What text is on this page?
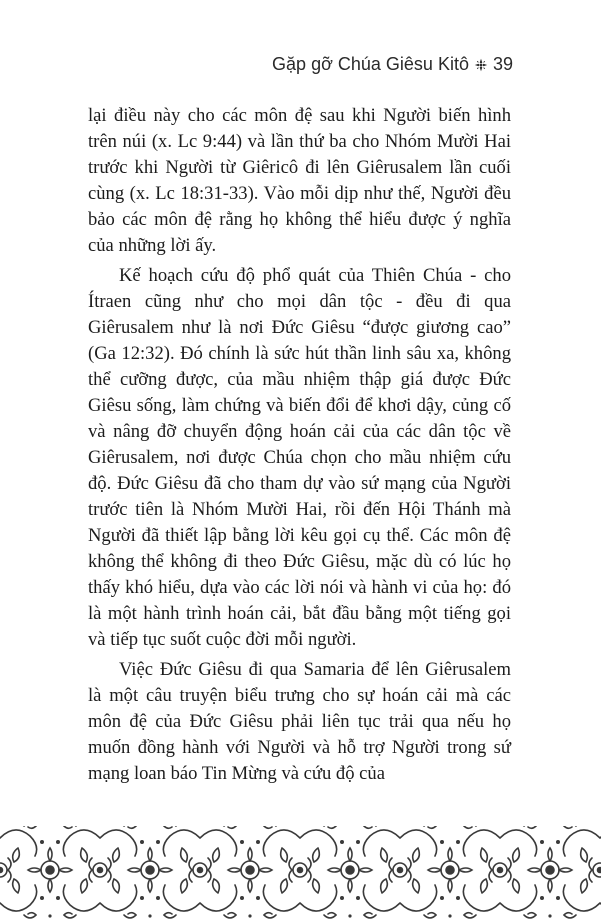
Gặp gỡ Chúa Giêsu Kitô 39

lại điều này cho các môn đệ sau khi Người biến hình trên núi (x. Lc 9:44) và lần thứ ba cho Nhóm Mười Hai trước khi Người từ Giêricô đi lên Giêrusalem lần cuối cùng (x. Lc 18:31-33). Vào mỗi dịp như thế, Người đều bảo các môn đệ rằng họ không thể hiểu được ý nghĩa của những lời ấy.

Kế hoạch cứu độ phổ quát của Thiên Chúa - cho Ítraen cũng như cho mọi dân tộc - đều đi qua Giêrusalem như là nơi Đức Giêsu “được giương cao” (Ga 12:32). Đó chính là sức hút thần linh sâu xa, không thể cưỡng được, của mầu nhiệm thập giá được Đức Giêsu sống, làm chứng và biến đổi để khơi dậy, củng cố và nâng đỡ chuyển động hoán cải của các dân tộc về Giêrusalem, nơi được Chúa chọn cho mầu nhiệm cứu độ. Đức Giêsu đã cho tham dự vào sứ mạng của Người trước tiên là Nhóm Mười Hai, rồi đến Hội Thánh mà Người đã thiết lập bằng lời kêu gọi cụ thể. Các môn đệ không thể không đi theo Đức Giêsu, mặc dù có lúc họ thấy khó hiểu, dựa vào các lời nói và hành vi của họ: đó là một hành trình hoán cải, bắt đầu bằng một tiếng gọi và tiếp tục suốt cuộc đời mỗi người.

Việc Đức Giêsu đi qua Samaria để lên Giêrusalem là một câu truyện biểu trưng cho sự hoán cải mà các môn đệ của Đức Giêsu phải liên tục trải qua nếu họ muốn đồng hành với Người và hỗ trợ Người trong sứ mạng loan báo Tin Mừng và cứu độ của
